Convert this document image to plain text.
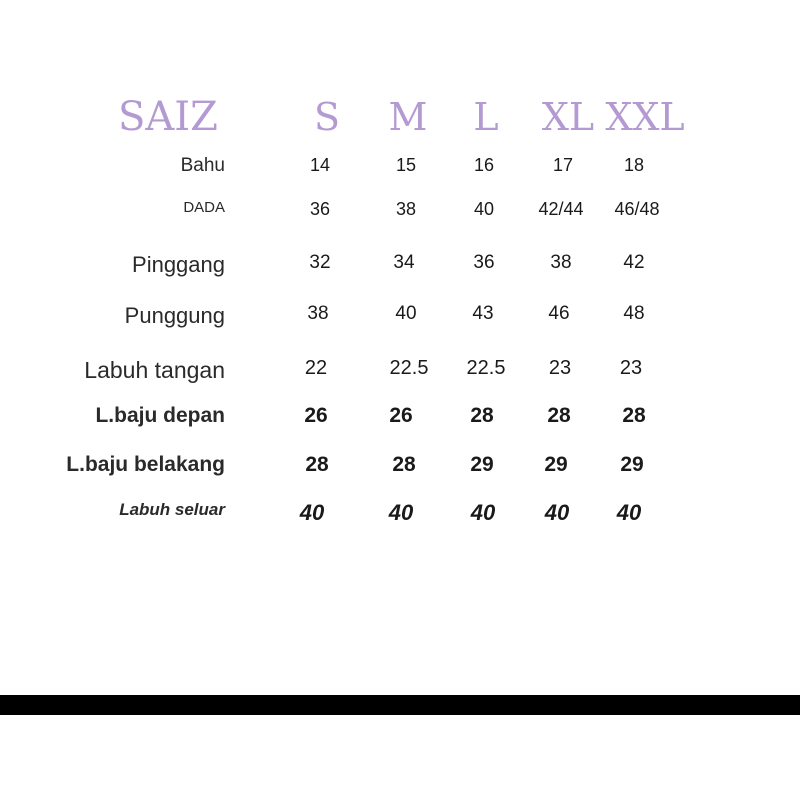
SAIZ	S	M	L	XL XXL
Bahu	14	15	16	17	18
DADA	36	38	40	42/44	46/48
Pinggang	32	34	36	38	42
Punggung	38	40	43	46	48
Labuh tangan	22	22.5	22.5	23	23
L.baju depan	26	26	28	28	28
L.baju belakang	28	28	29	29	29
Labuh seluar	40	40	40	40	40
